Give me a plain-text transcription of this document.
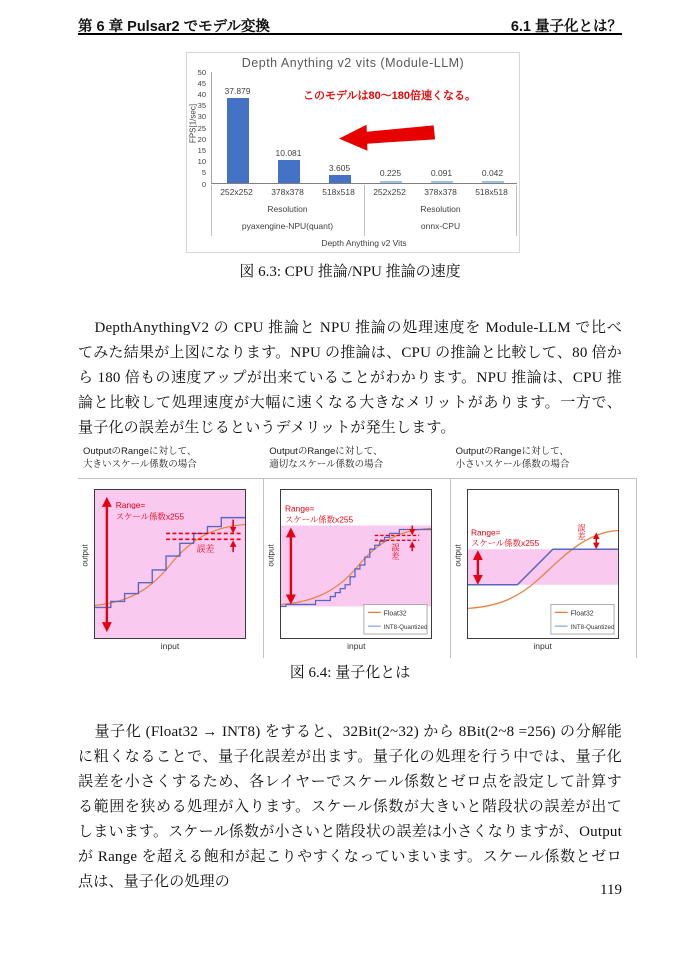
第 6 章 Pulsar2 でモデル変換	6.1 量子化とは？
Depth Anything v2 vits (Module-LLM)
FPS[1/sec]
0
5
10
15
20
25
30
35
40
45
50
37.879
10.081
3.605
0.225	0.091	0.042
252x252	378x378	518x518	252x252	378x378	518x518
Resolution	Resolution
pyaxengine-NPU(quant)	onnx-CPU
Depth Anything v2 Vits
このモデルは80〜180倍速くなる。
図 6.3: CPU 推論/NPU 推論の速度

DepthAnythingV2 の CPU 推論と NPU 推論の処理速度を Module-LLM で比べてみた結果が上図になります。NPU の推論は、CPU の推論と比較して、80 倍から 180 倍もの速度アップが出来ていることがわかります。NPU 推論は、CPU 推論と比較して処理速度が大幅に速くなる大きなメリットがあります。一方で、量子化の誤差が生じるというデメリットが発生します。

OutputのRangeに対して、
大きいスケール係数の場合
OutputのRangeに対して、
適切なスケール係数の場合
OutputのRangeに対して、
小さいスケール係数の場合
output
Range=
スケール係数x255
誤差
input
output
Range=
スケール係数x255
誤差
Float32
INT8-Quantized
input
output
Range=
スケール係数x255
誤差
Float32
INT8-Quantized
input
図 6.4: 量子化とは

量子化 (Float32 → INT8) をすると、32Bit(2~32) から 8Bit(2~8 =256) の分解能に粗くなることで、量子化誤差が出ます。量子化の処理を行う中では、量子化誤差を小さくするため、各レイヤーでスケール係数とゼロ点を設定して計算する範囲を狭める処理が入ります。スケール係数が大きいと階段状の誤差が出てしまいます。スケール係数が小さいと階段状の誤差は小さくなりますが、Output が Range を超える飽和が起こりやすくなっていまいます。スケール係数とゼロ点は、量子化の処理の	119
